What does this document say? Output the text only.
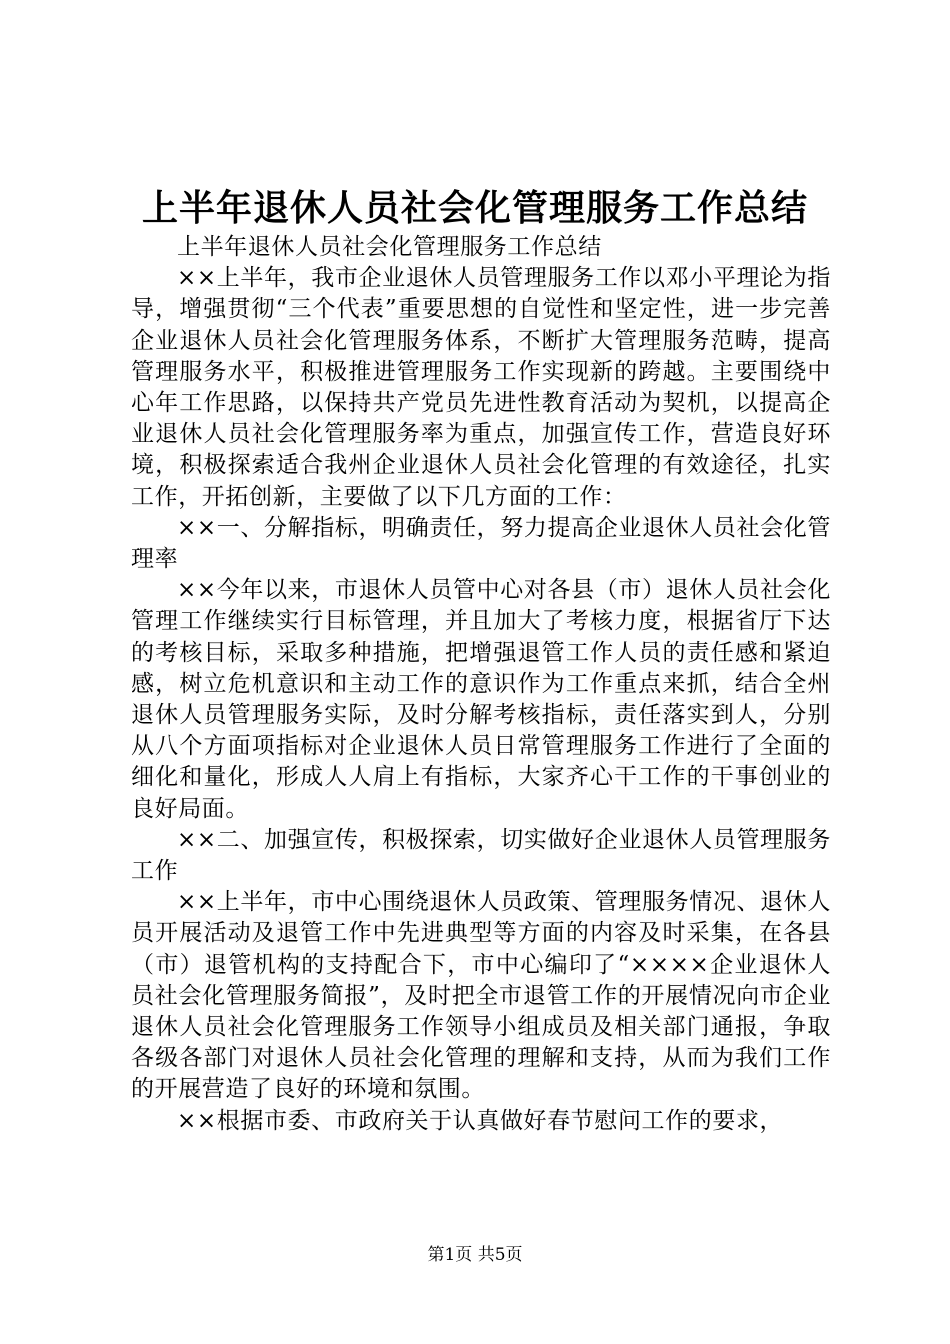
上半年退休人员社会化管理服务工作总结

上半年退休人员社会化管理服务工作总结

××上半年，我市企业退休人员管理服务工作以邓小平理论为指导，增强贯彻“三个代表”重要思想的自觉性和坚定性，进一步完善企业退休人员社会化管理服务体系，不断扩大管理服务范畴，提高管理服务水平，积极推进管理服务工作实现新的跨越。主要围绕中心年工作思路，以保持共产党员先进性教育活动为契机，以提高企业退休人员社会化管理服务率为重点，加强宣传工作，营造良好环境，积极探索适合我州企业退休人员社会化管理的有效途径，扎实工作，开拓创新，主要做了以下几方面的工作：

××一、分解指标，明确责任，努力提高企业退休人员社会化管理率

××今年以来，市退休人员管中心对各县（市）退休人员社会化管理工作继续实行目标管理，并且加大了考核力度，根据省厅下达的考核目标，采取多种措施，把增强退管工作人员的责任感和紧迫感，树立危机意识和主动工作的意识作为工作重点来抓，结合全州退休人员管理服务实际，及时分解考核指标，责任落实到人，分别从八个方面项指标对企业退休人员日常管理服务工作进行了全面的细化和量化，形成人人肩上有指标，大家齐心干工作的干事创业的良好局面。

××二、加强宣传，积极探索，切实做好企业退休人员管理服务工作

××上半年，市中心围绕退休人员政策、管理服务情况、退休人员开展活动及退管工作中先进典型等方面的内容及时采集，在各县（市）退管机构的支持配合下，市中心编印了“××××企业退休人员社会化管理服务简报”，及时把全市退管工作的开展情况向市企业退休人员社会化管理服务工作领导小组成员及相关部门通报，争取各级各部门对退休人员社会化管理的理解和支持，从而为我们工作的开展营造了良好的环境和氛围。

××根据市委、市政府关于认真做好春节慰问工作的要求，

第1页 共5页
